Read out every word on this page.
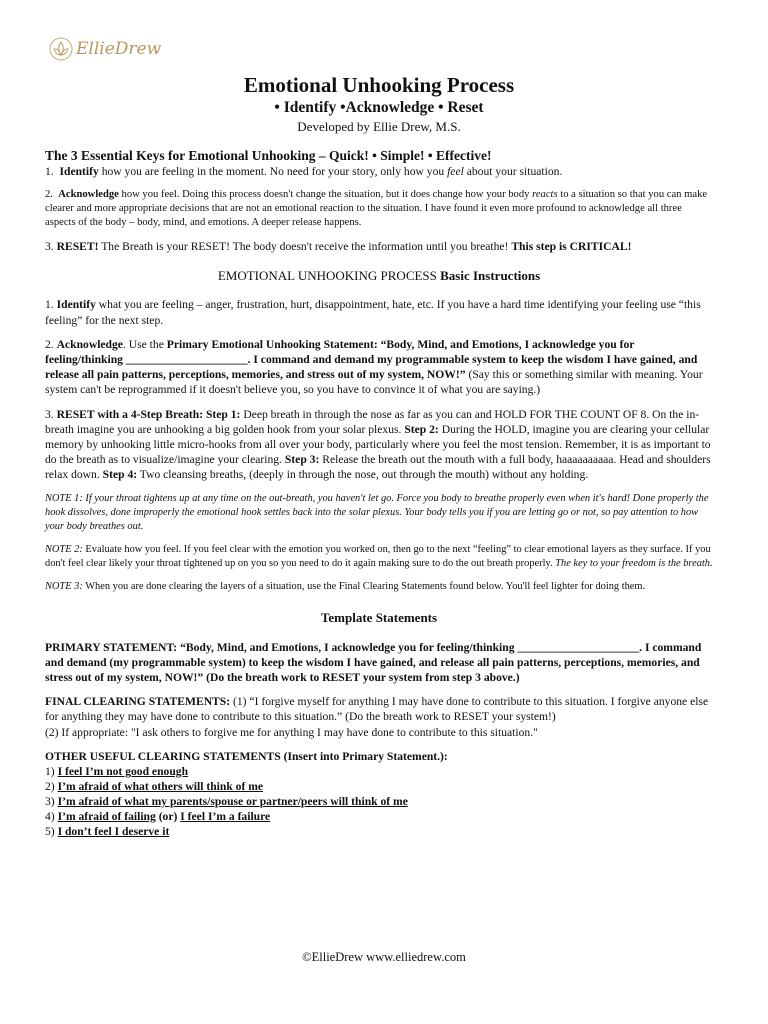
EllieDrew
Emotional Unhooking Process
• Identify •Acknowledge • Reset
Developed by Ellie Drew, M.S.
The 3 Essential Keys for Emotional Unhooking – Quick! • Simple! • Effective!

1. Identify how you are feeling in the moment. No need for your story, only how you feel about your situation.

2. Acknowledge how you feel. Doing this process doesn't change the situation, but it does change how your body reacts to a situation so that you can make clearer and more appropriate decisions that are not an emotional reaction to the situation. I have found it even more profound to acknowledge all three aspects of the body – body, mind, and emotions. A deeper release happens.

3. RESET! The Breath is your RESET! The body doesn't receive the information until you breathe! This step is CRITICAL!

EMOTIONAL UNHOOKING PROCESS Basic Instructions

1. Identify what you are feeling – anger, frustration, hurt, disappointment, hate, etc. If you have a hard time identifying your feeling use “this feeling” for the next step.

2. Acknowledge. Use the Primary Emotional Unhooking Statement: “Body, Mind, and Emotions, I acknowledge you for feeling/thinking _____________________. I command and demand my programmable system to keep the wisdom I have gained, and release all pain patterns, perceptions, memories, and stress out of my system, NOW!” (Say this or something similar with meaning. Your system can't be reprogrammed if it doesn't believe you, so you have to convince it of what you are saying.)

3. RESET with a 4-Step Breath: Step 1: Deep breath in through the nose as far as you can and HOLD FOR THE COUNT OF 8. On the in-breath imagine you are unhooking a big golden hook from your solar plexus. Step 2: During the HOLD, imagine you are clearing your cellular memory by unhooking little micro-hooks from all over your body, particularly where you feel the most tension. Remember, it is as important to do the breath as to visualize/imagine your clearing. Step 3: Release the breath out the mouth with a full body, haaaaaaaaaa. Head and shoulders relax down. Step 4: Two cleansing breaths, (deeply in through the nose, out through the mouth) without any holding.

NOTE 1: If your throat tightens up at any time on the out-breath, you haven't let go. Force you body to breathe properly even when it's hard! Done properly the hook dissolves, done improperly the emotional hook settles back into the solar plexus. Your body tells you if you are letting go or not, so pay attention to how your body breathes out.

NOTE 2: Evaluate how you feel. If you feel clear with the emotion you worked on, then go to the next “feeling” to clear emotional layers as they surface. If you don't feel clear likely your throat tightened up on you so you need to do it again making sure to do the out breath properly. The key to your freedom is the breath.

NOTE 3: When you are done clearing the layers of a situation, use the Final Clearing Statements found below. You'll feel lighter for doing them.

Template Statements

PRIMARY STATEMENT: “Body, Mind, and Emotions, I acknowledge you for feeling/thinking _____________________. I command and demand (my programmable system) to keep the wisdom I have gained, and release all pain patterns, perceptions, memories, and stress out of my system, NOW!” (Do the breath work to RESET your system from step 3 above.)

FINAL CLEARING STATEMENTS: (1) “I forgive myself for anything I may have done to contribute to this situation. I forgive anyone else for anything they may have done to contribute to this situation.” (Do the breath work to RESET your system!)

(2) If appropriate: "I ask others to forgive me for anything I may have done to contribute to this situation."

OTHER USEFUL CLEARING STATEMENTS (Insert into Primary Statement.):

1) I feel I’m not good enough
2) I’m afraid of what others will think of me
3) I’m afraid of what my parents/spouse or partner/peers will think of me
4) I’m afraid of failing (or) I feel I’m a failure
5) I don’t feel I deserve it
©EllieDrew www.elliedrew.com
